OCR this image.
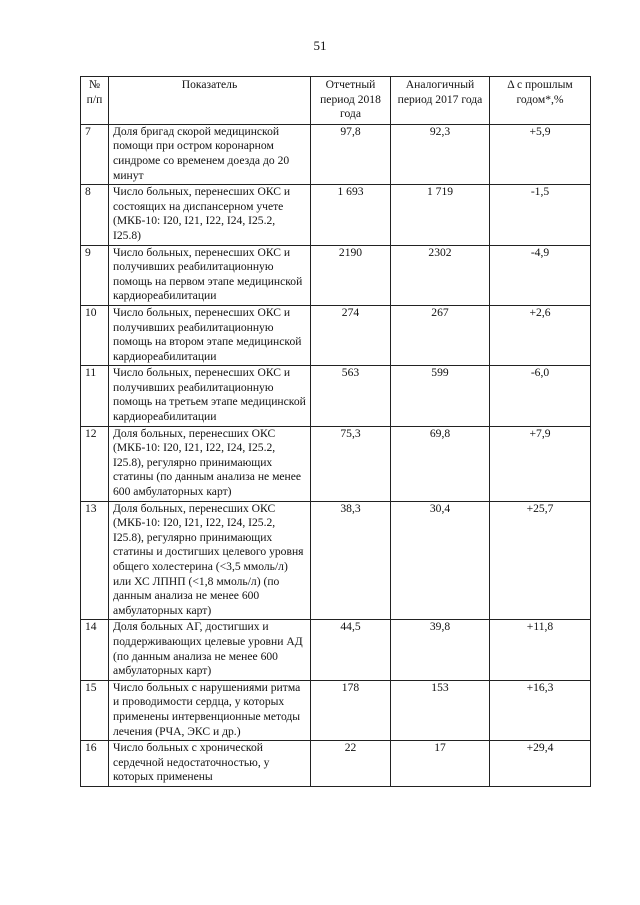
51
№ п/п	Показатель	Отчетный период 2018 года	Аналогичный период 2017 года	Δ с прошлым годом*,%
7	Доля бригад скорой медицинской помощи при остром коронарном синдроме со временем доезда до 20 минут	97,8	92,3	+5,9
8	Число больных, перенесших ОКС и состоящих на диспансерном учете (МКБ-10: I20, I21, I22, I24, I25.2, I25.8)	1 693	1 719	-1,5
9	Число больных, перенесших ОКС и получивших реабилитационную помощь на первом этапе медицинской кардиореабилитации	2190	2302	-4,9
10	Число больных, перенесших ОКС и получивших реабилитационную помощь на втором этапе медицинской кардиореабилитации	274	267	+2,6
11	Число больных, перенесших ОКС и получивших реабилитационную помощь на третьем этапе медицинской кардиореабилитации	563	599	-6,0
12	Доля больных, перенесших ОКС (МКБ-10: I20, I21, I22, I24, I25.2, I25.8), регулярно принимающих статины (по данным анализа не менее 600 амбулаторных карт)	75,3	69,8	+7,9
13	Доля больных, перенесших ОКС (МКБ-10: I20, I21, I22, I24, I25.2, I25.8), регулярно принимающих статины и достигших целевого уровня общего холестерина (<3,5 ммоль/л) или ХС ЛПНП (<1,8 ммоль/л) (по данным анализа не менее 600 амбулаторных карт)	38,3	30,4	+25,7
14	Доля больных АГ, достигших и поддерживающих целевые уровни АД (по данным анализа не менее 600 амбулаторных карт)	44,5	39,8	+11,8
15	Число больных с нарушениями ритма и проводимости сердца, у которых применены интервенционные методы лечения (РЧА, ЭКС и др.)	178	153	+16,3
16	Число больных с хронической сердечной недостаточностью, у которых применены	22	17	+29,4
